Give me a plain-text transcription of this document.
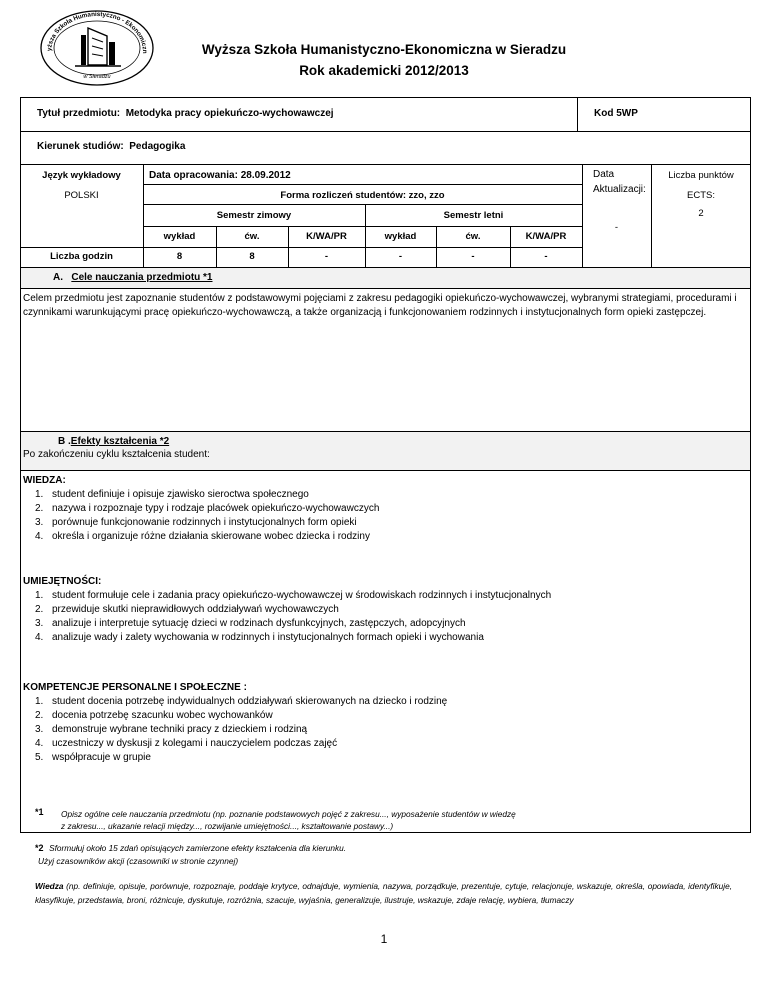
yższa Szkoła Humanistyczno - Ekonomiczn
w Sieradzu
Wyższa Szkoła Humanistyczno-Ekonomiczna w Sieradzu
Rok akademicki 2012/2013
Tytuł przedmiotu: Metodyka pracy opiekuńczo-wychowawczej	Kod 5WP
Kierunek studiów: Pedagogika
Język wykładowy
POLSKI
Data opracowania: 28.09.2012
Forma rozliczeń studentów: zzo, zzo
Semestr zimowy	Semestr letni
wykład	ćw.	K/WA/PR	wykład	ćw.	K/WA/PR
Liczba godzin	8	8	-	-	-	-
Data
Aktualizacji:
-
Liczba punktów
ECTS:
2
A. Cele nauczania przedmiotu *1
Celem przedmiotu jest zapoznanie studentów z podstawowymi pojęciami z zakresu pedagogiki opiekuńczo-wychowawczej, wybranymi strategiami, procedurami i czynnikami warunkującymi pracę opiekuńczo-wychowawczą, a także organizacją i funkcjonowaniem rodzinnych i instytucjonalnych form opieki zastępczej.
B .Efekty kształcenia *2
Po zakończeniu cyklu kształcenia student:
WIEDZA:
1. student definiuje i opisuje zjawisko sieroctwa społecznego
2. nazywa i rozpoznaje typy i rodzaje placówek opiekuńczo-wychowawczych
3. porównuje funkcjonowanie rodzinnych i instytucjonalnych form opieki
4. określa i organizuje różne działania skierowane wobec dziecka i rodziny
UMIEJĘTNOŚCI:
1. student formułuje cele i zadania pracy opiekuńczo-wychowawczej w środowiskach rodzinnych i instytucjonalnych
2. przewiduje skutki nieprawidłowych oddziaływań wychowawczych
3. analizuje i interpretuje sytuację dzieci w rodzinach dysfunkcyjnych, zastępczych, adopcyjnych
4. analizuje wady i zalety wychowania w rodzinnych i instytucjonalnych formach opieki i wychowania
KOMPETENCJE PERSONALNE I SPOŁECZNE :
1. student docenia potrzebę indywidualnych oddziaływań skierowanych na dziecko i rodzinę
2. docenia potrzebę szacunku wobec wychowanków
3. demonstruje wybrane techniki pracy z dzieckiem i rodziną
4. uczestniczy w dyskusji z kolegami i nauczycielem podczas zajęć
5. współpracuje w grupie
*1 Opisz ogólne cele nauczania przedmiotu (np. poznanie podstawowych pojęć z zakresu..., wyposażenie studentów w wiedzę
z zakresu..., ukazanie relacji między..., rozwijanie umiejętności..., kształtowanie postawy...)
*2 Sformułuj około 15 zdań opisujących zamierzone efekty kształcenia dla kierunku.
Użyj czasowników akcji (czasowniki w stronie czynnej)
Wiedza (np. definiuje, opisuje, porównuje, rozpoznaje, poddaje krytyce, odnajduje, wymienia, nazywa, porządkuje, prezentuje, cytuje, relacjonuje, wskazuje, określa, opowiada, identyfikuje, klasyfikuje, przedstawia, broni, różnicuje, dyskutuje, rozróżnia, szacuje, wyjaśnia, generalizuje, ilustruje, wskazuje, zdaje relację, wybiera, tłumaczy
1
